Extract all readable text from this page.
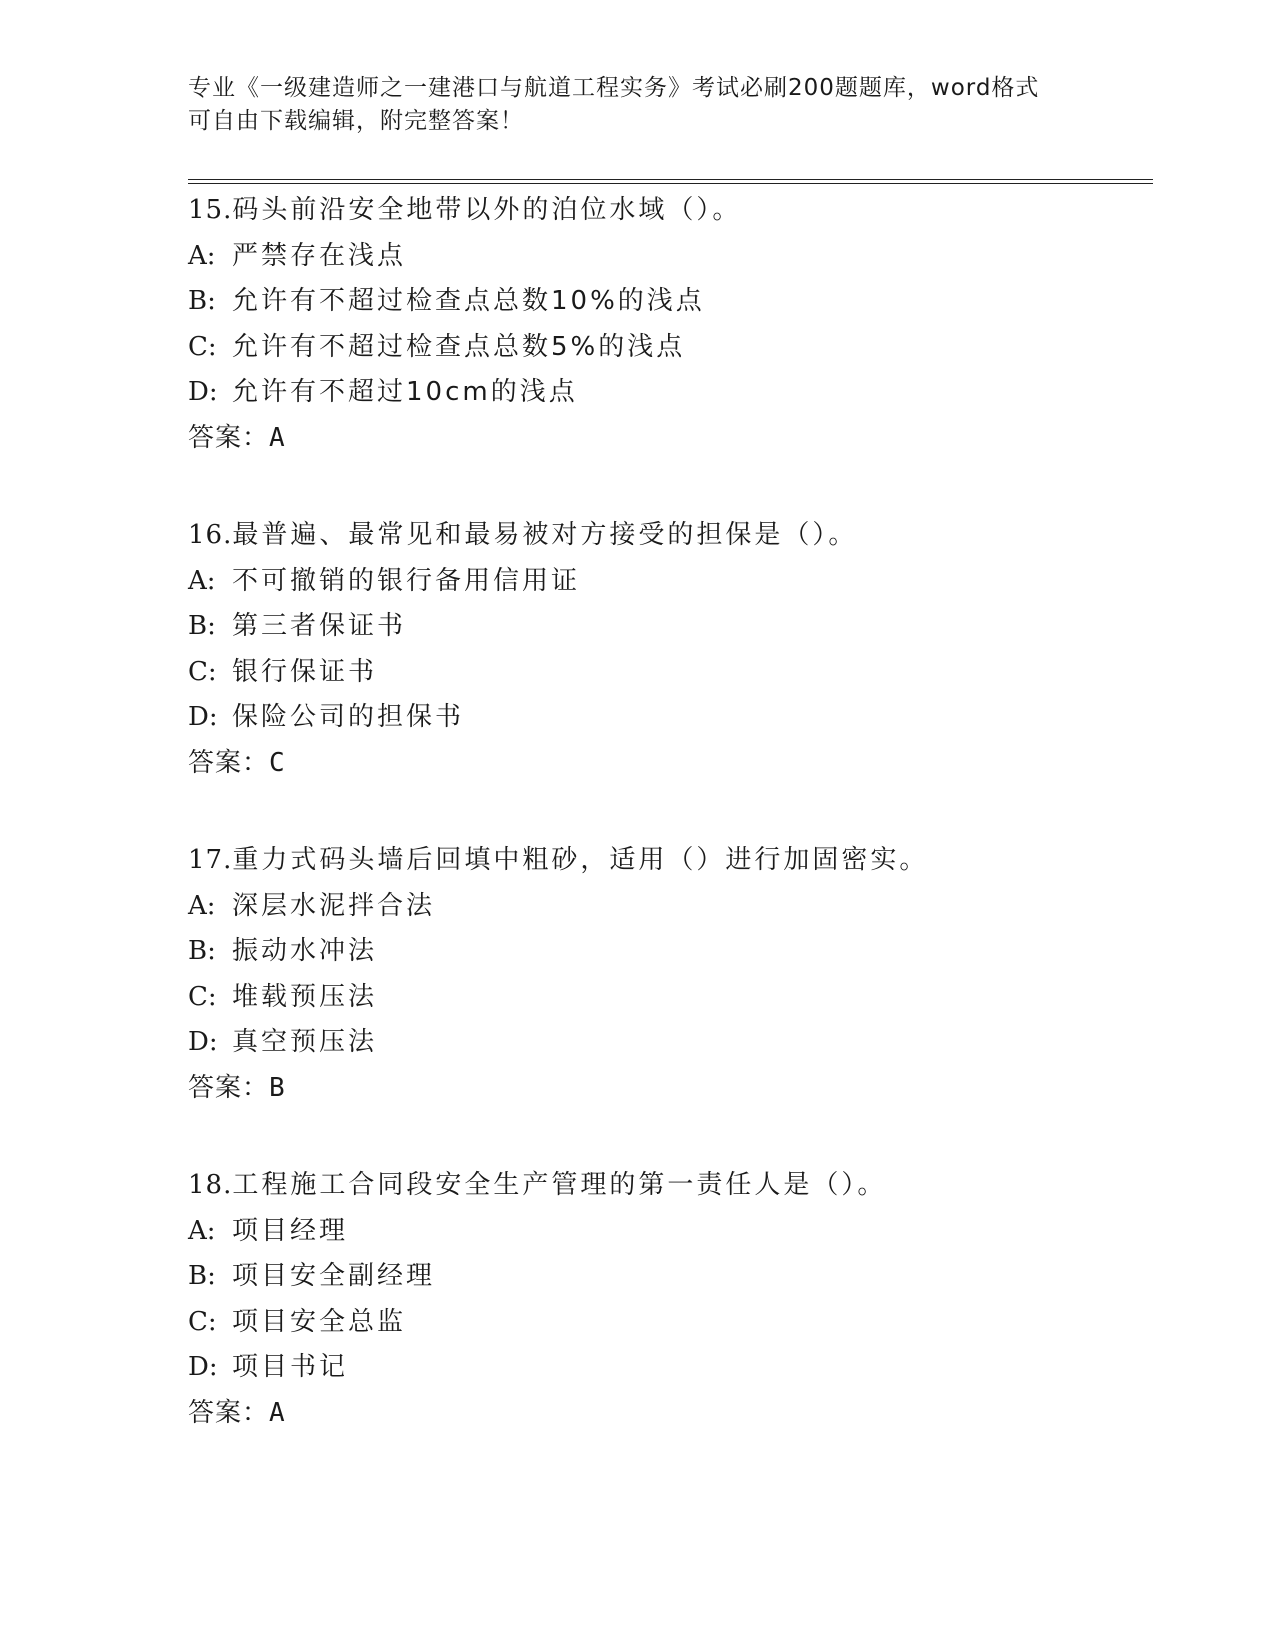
专业《一级建造师之一建港口与航道工程实务》考试必刷200题题库，word格式
可自由下载编辑，附完整答案！
15.码头前沿安全地带以外的泊位水域（）。
A: 严禁存在浅点
B: 允许有不超过检查点总数10%的浅点
C: 允许有不超过检查点总数5%的浅点
D: 允许有不超过10cm的浅点
答案：A
16.最普遍、最常见和最易被对方接受的担保是（）。
A: 不可撤销的银行备用信用证
B: 第三者保证书
C: 银行保证书
D: 保险公司的担保书
答案：C
17.重力式码头墙后回填中粗砂，适用（）进行加固密实。
A: 深层水泥拌合法
B: 振动水冲法
C: 堆载预压法
D: 真空预压法
答案：B
18.工程施工合同段安全生产管理的第一责任人是（）。
A: 项目经理
B: 项目安全副经理
C: 项目安全总监
D: 项目书记
答案：A
